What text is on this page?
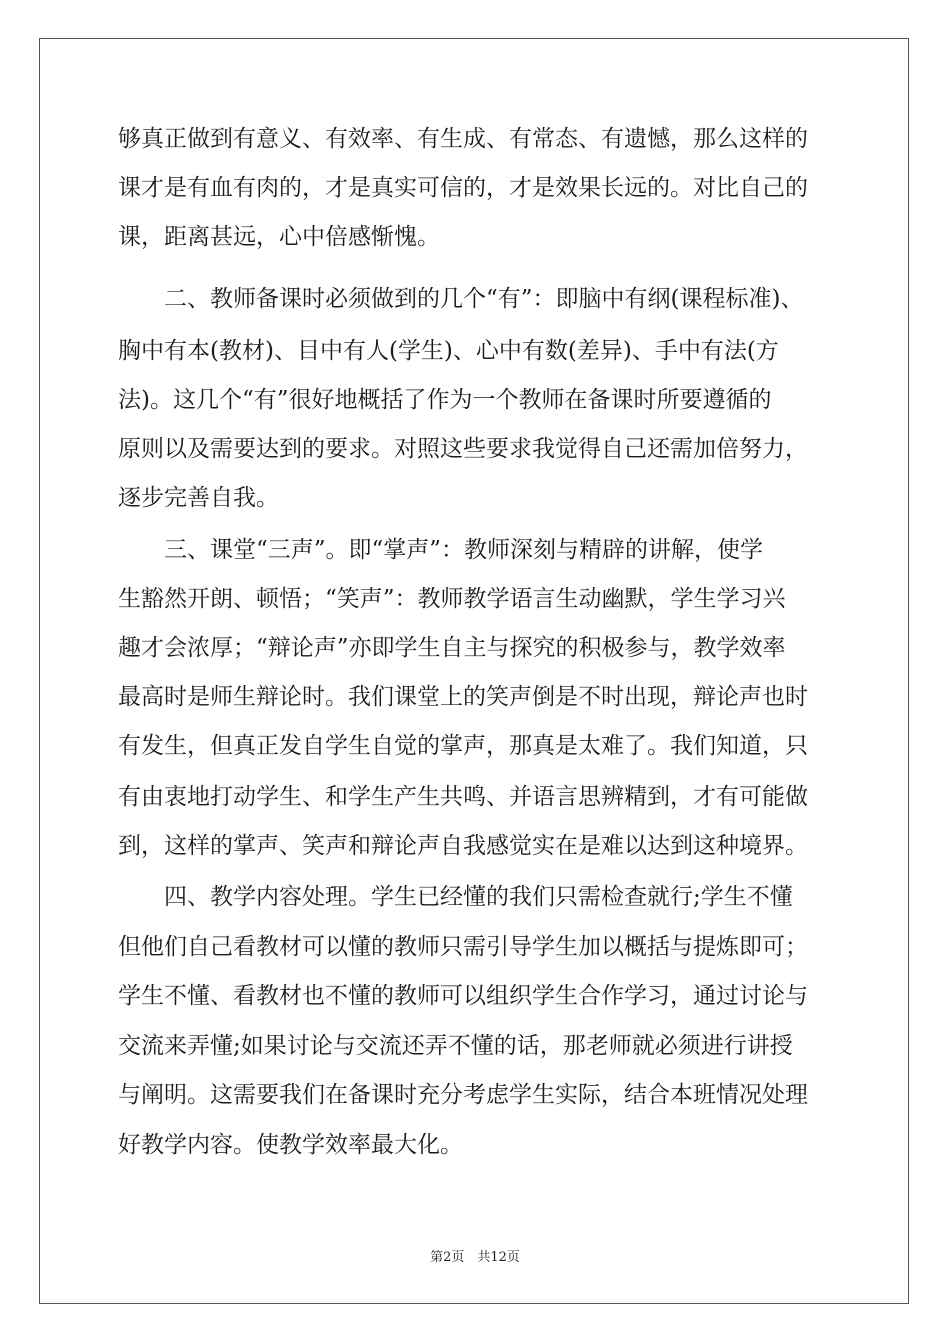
够真正做到有意义、有效率、有生成、有常态、有遗憾，那么这样的
课才是有血有肉的，才是真实可信的，才是效果长远的。对比自己的
课，距离甚远，心中倍感惭愧。
　　二、教师备课时必须做到的几个“有”：即脑中有纲(课程标准)、
胸中有本(教材)、目中有人(学生)、心中有数(差异)、手中有法(方
法)。这几个“有”很好地概括了作为一个教师在备课时所要遵循的
原则以及需要达到的要求。对照这些要求我觉得自己还需加倍努力，
逐步完善自我。
　　三、课堂“三声”。即“掌声”：教师深刻与精辟的讲解，使学
生豁然开朗、顿悟；“笑声”：教师教学语言生动幽默，学生学习兴
趣才会浓厚；“辩论声”亦即学生自主与探究的积极参与，教学效率
最高时是师生辩论时。我们课堂上的笑声倒是不时出现，辩论声也时
有发生，但真正发自学生自觉的掌声，那真是太难了。我们知道，只
有由衷地打动学生、和学生产生共鸣、并语言思辨精到，才有可能做
到，这样的掌声、笑声和辩论声自我感觉实在是难以达到这种境界。
　　四、教学内容处理。学生已经懂的我们只需检查就行;学生不懂
但他们自己看教材可以懂的教师只需引导学生加以概括与提炼即可；
学生不懂、看教材也不懂的教师可以组织学生合作学习，通过讨论与
交流来弄懂;如果讨论与交流还弄不懂的话，那老师就必须进行讲授
与阐明。这需要我们在备课时充分考虑学生实际，结合本班情况处理
好教学内容。使教学效率最大化。
第2页　共12页
